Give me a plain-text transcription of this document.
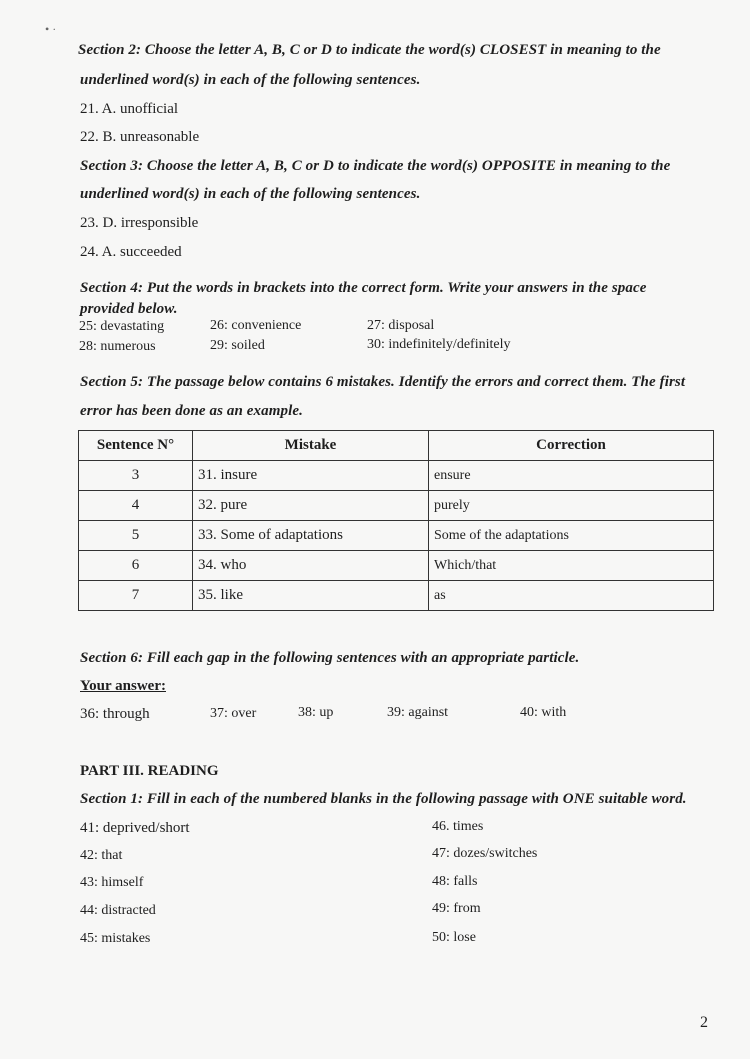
• ·
Section 2: Choose the letter A, B, C or D to indicate the word(s) CLOSEST in meaning to the
underlined word(s) in each of the following sentences.
21. A. unofficial
22. B. unreasonable
Section 3: Choose the letter A, B, C or D to indicate the word(s) OPPOSITE in meaning to the
underlined word(s) in each of the following sentences.
23. D. irresponsible
24. A. succeeded
Section 4: Put the words in brackets into the correct form. Write your answers in the space
provided below.
25: devastating	26: convenience	27: disposal
28: numerous	29: soiled	30: indefinitely/definitely
Section 5: The passage below contains 6 mistakes. Identify the errors and correct them. The first
error has been done as an example.
Sentence N°	Mistake	Correction
3	31. insure	ensure
4	32. pure	purely
5	33. Some of adaptations	Some of the adaptations
6	34. who	Which/that
7	35. like	as
Section 6: Fill each gap in the following sentences with an appropriate particle.
Your answer:
36: through	37: over	38: up	39: against	40: with
PART III. READING
Section 1: Fill in each of the numbered blanks in the following passage with ONE suitable word.
41: deprived/short
42: that
43: himself
44: distracted
45: mistakes
46. times
47: dozes/switches
48: falls
49: from
50: lose
2
